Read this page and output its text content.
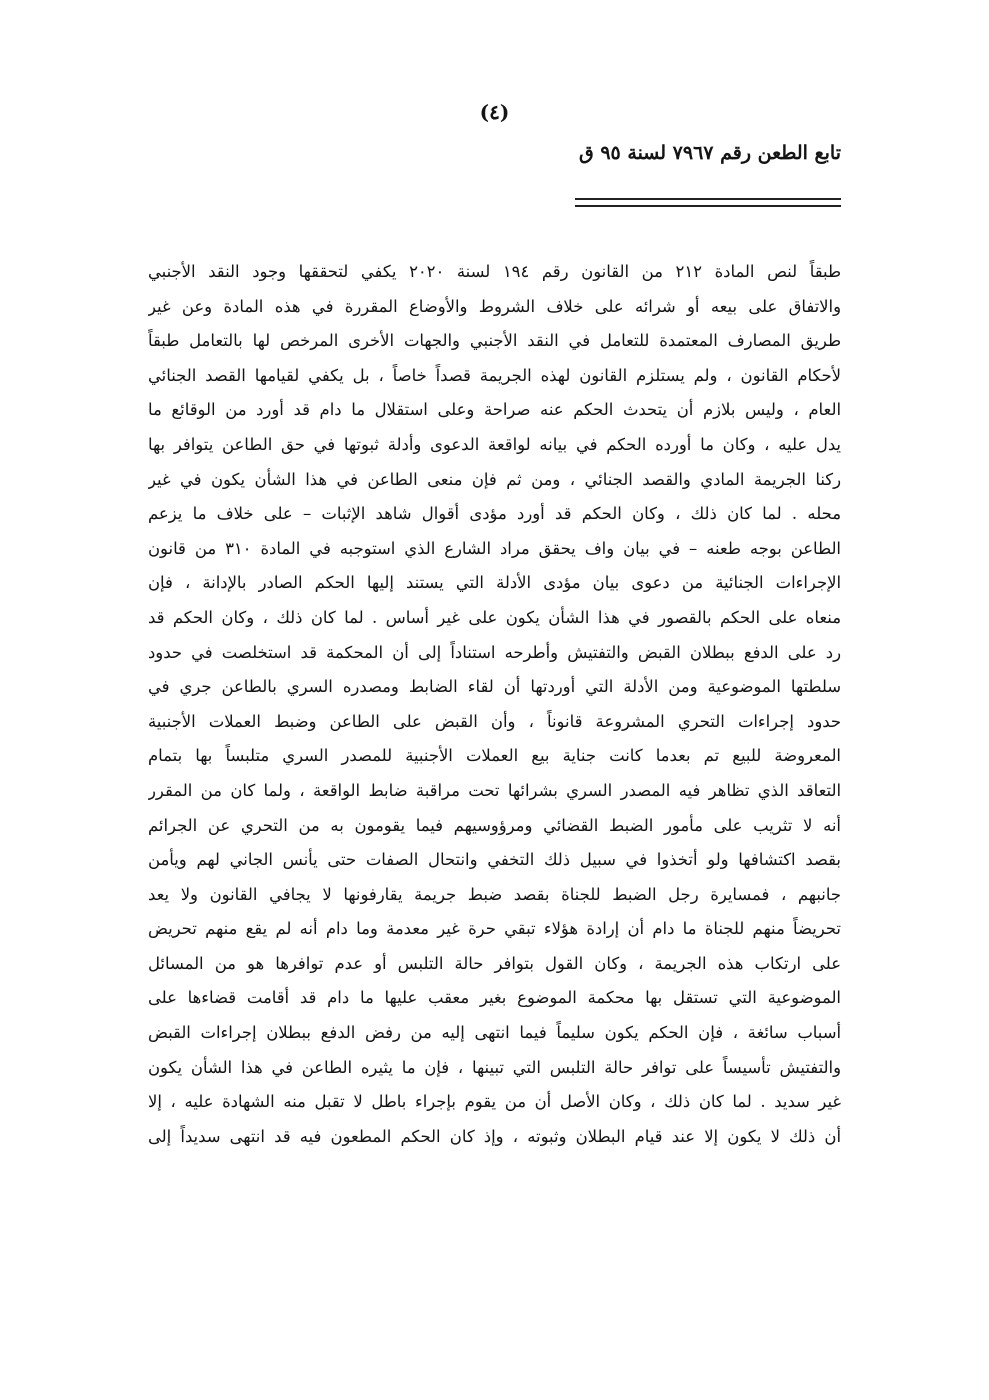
(٤)
تابع الطعن رقم ٧٩٦٧ لسنة ٩٥ ق
طبقاً لنص المادة ٢١٢ من القانون رقم ١٩٤ لسنة ٢٠٢٠ يكفي لتحققها وجود النقد الأجنبي
والاتفاق على بيعه أو شرائه على خلاف الشروط والأوضاع المقررة في هذه المادة وعن غير
طريق المصارف المعتمدة للتعامل في النقد الأجنبي والجهات الأخرى المرخص لها بالتعامل طبقاً
لأحكام القانون ، ولم يستلزم القانون لهذه الجريمة قصداً خاصاً ، بل يكفي لقيامها القصد الجنائي
العام ، وليس بلازم أن يتحدث الحكم عنه صراحة وعلى استقلال ما دام قد أورد من الوقائع ما
يدل عليه ، وكان ما أورده الحكم في بيانه لواقعة الدعوى وأدلة ثبوتها في حق الطاعن يتوافر بها
ركنا الجريمة المادي والقصد الجنائي ، ومن ثم فإن منعى الطاعن في هذا الشأن يكون في غير
محله . لما كان ذلك ، وكان الحكم قد أورد مؤدى أقوال شاهد الإثبات – على خلاف ما يزعم
الطاعن بوجه طعنه – في بيان واف يحقق مراد الشارع الذي استوجبه في المادة ٣١٠ من قانون
الإجراءات الجنائية من دعوى بيان مؤدى الأدلة التي يستند إليها الحكم الصادر بالإدانة ، فإن
منعاه على الحكم بالقصور في هذا الشأن يكون على غير أساس . لما كان ذلك ، وكان الحكم قد
رد على الدفع ببطلان القبض والتفتيش وأطرحه استناداً إلى أن المحكمة قد استخلصت في حدود
سلطتها الموضوعية ومن الأدلة التي أوردتها أن لقاء الضابط ومصدره السري بالطاعن جري في
حدود إجراءات التحري المشروعة قانوناً ، وأن القبض على الطاعن وضبط العملات الأجنبية
المعروضة للبيع تم بعدما كانت جناية بيع العملات الأجنبية للمصدر السري متلبساً بها بتمام
التعاقد الذي تظاهر فيه المصدر السري بشرائها تحت مراقبة ضابط الواقعة ، ولما كان من المقرر
أنه لا تثريب على مأمور الضبط القضائي ومرؤوسيهم فيما يقومون به من التحري عن الجرائم
بقصد اكتشافها ولو أتخذوا في سبيل ذلك التخفي وانتحال الصفات حتى يأنس الجاني لهم ويأمن
جانبهم ، فمسايرة رجل الضبط للجناة بقصد ضبط جريمة يقارفونها لا يجافي القانون ولا يعد
تحريضاً منهم للجناة ما دام أن إرادة هؤلاء تبقي حرة غير معدمة وما دام أنه لم يقع منهم تحريض
على ارتكاب هذه الجريمة ، وكان القول بتوافر حالة التلبس أو عدم توافرها هو من المسائل
الموضوعية التي تستقل بها محكمة الموضوع بغير معقب عليها ما دام قد أقامت قضاءها على
أسباب سائغة ، فإن الحكم يكون سليماً فيما انتهى إليه من رفض الدفع ببطلان إجراءات القبض
والتفتيش تأسيساً على توافر حالة التلبس التي تبينها ، فإن ما يثيره الطاعن في هذا الشأن يكون
غير سديد . لما كان ذلك ، وكان الأصل أن من يقوم بإجراء باطل لا تقبل منه الشهادة عليه ، إلا
أن ذلك لا يكون إلا عند قيام البطلان وثبوته ، وإذ كان الحكم المطعون فيه قد انتهى سديداً إلى
